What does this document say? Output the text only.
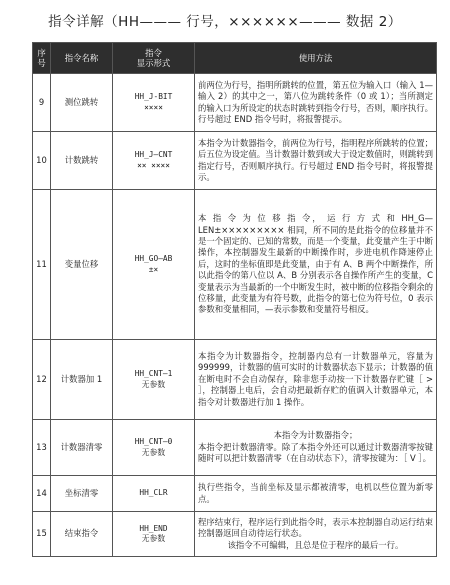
指令详解（HH——— 行号，××××××——— 数据 2）
序
号	指令名称	指令
显示形式	使用方法
9	测位跳转	HH_J-BIT
××××	前两位为行号，指明所跳转的位置，第五位为输入口（输入 1—输入 2）的其中之一，第八位为跳转条件（0 或 1）；当所测定的输入口为所设定的状态时跳转到指令行号，否则，顺序执行。行号超过 END 指令号时，将报警提示。
10	计数跳转	HH_J—CNT
×× ××××	本指令为计数器指令，前两位为行号，指明程序所跳转的位置；后五位为设定值。当计数器计数到或大于设定数值时，则跳转到指定行号，否则顺序执行。行号超过 END 指令号时，将报警提示。
11	变量位移	HH_GO—AB
±×	本 指 令 为 位 移 指 令， 运 行 方 式 和 HH_G—LEN±××××××××× 相同，所不同的是此指令的位移量并不是一个固定的、已知的常数，而是一个变量，此变量产生于中断操作，本控制器发生最新的中断操作时，步进电机作降速停止后，这时的坐标值即是此变量，由于有 A、B 两个中断操作，所以此指令的第八位以 A、B 分别表示各自操作所产生的变量，C 变量表示为当最新的一个中断发生时，被中断的位移指令剩余的位移量，此变量为有符号数，此指令的第七位为符号位，0 表示参数和变量相同，—表示参数和变量符号相反。
12	计数器加 1	HH_CNT—1
无参数	本指令为计数器指令，控制器内总有一计数器单元，容量为 999999，计数器的值可实时的计数器状态下显示；计数器的值在断电时不会自动保存，除非您手动按一下计数器存贮键［ > ］，控制器上电后，会自动把最新存贮的值调入计数器单元，本指令对计数器进行加 1 操作。
13	计数器清零	HH_CNT—0
无参数	本指令为计数器指令；
本指令把计数器清零。除了本指令外还可以通过计数器清零按键随时可以把计数器清零（在自动状态下），清零按键为：［ V ］。

14	坐标清零	HH_CLR	执行些指令，当前坐标及显示都被清零，电机以些位置为新零点。
15	结束指令	HH_END
无参数	程序结束行，程序运行到此指令时，表示本控制器自动运行结束控制器返回自动待运行状态。
该指令不可编辑，且总是位于程序的最后一行。
